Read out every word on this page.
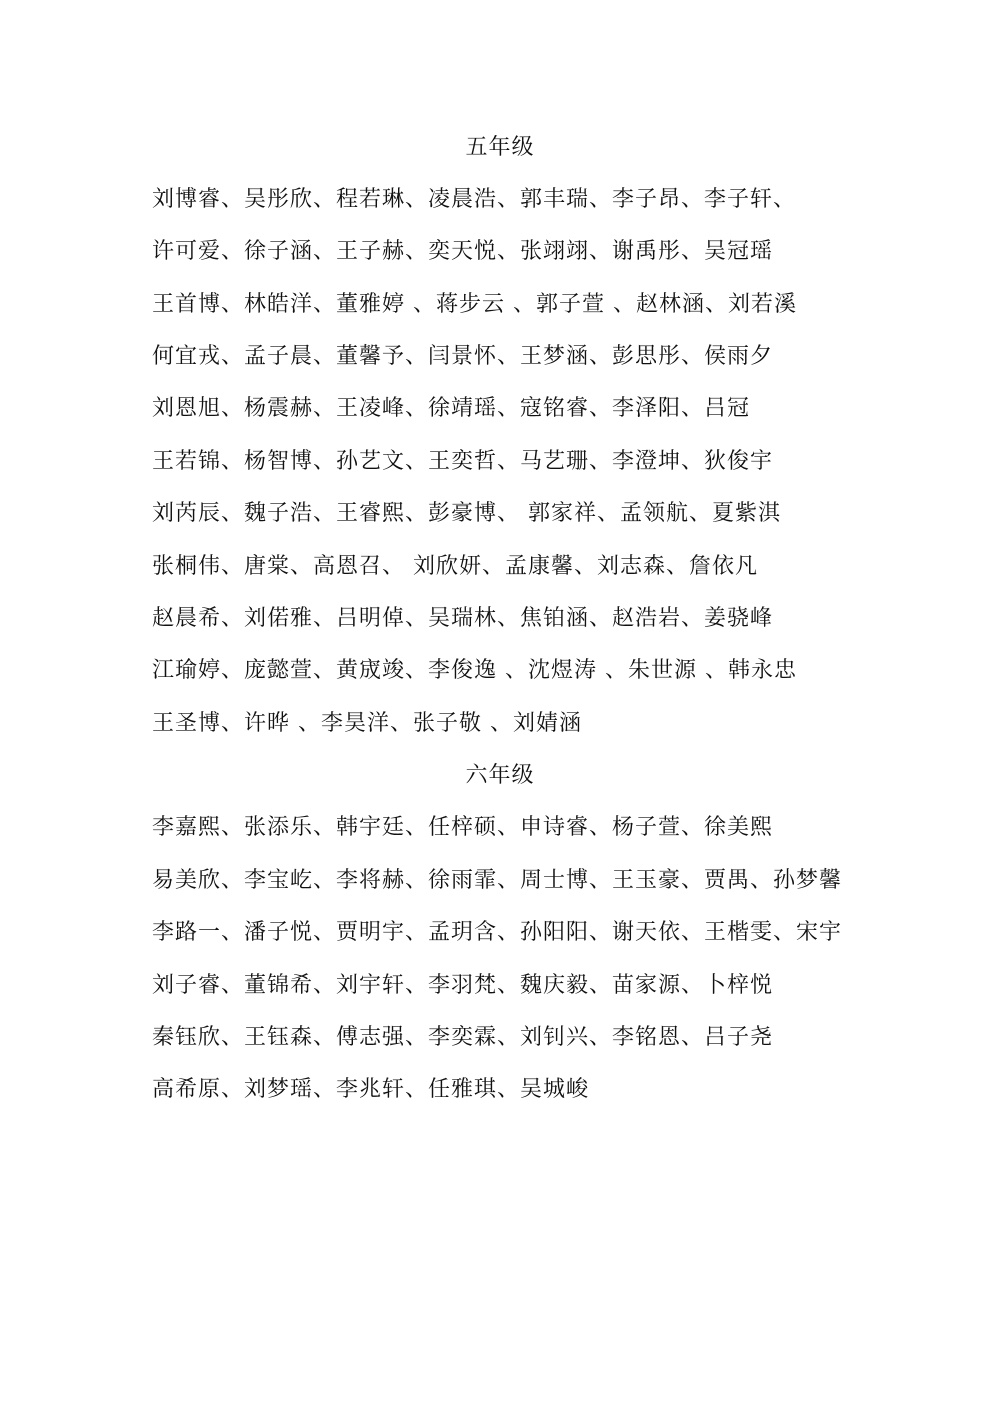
五年级
刘博睿、吴彤欣、程若琳、凌晨浩、郭丰瑞、李子昂、李子轩、
许可爱、徐子涵、王子赫、奕天悦、张翊翊、谢禹彤、吴冠瑶
王首博、林皓洋、董雅婷 、蒋步云 、郭子萱 、赵林涵、刘若溪
何宜戎、孟子晨、董馨予、闫景怀、王梦涵、彭思彤、侯雨夕
刘恩旭、杨震赫、王凌峰、徐靖瑶、寇铭睿、李泽阳、吕冠
王若锦、杨智博、孙艺文、王奕哲、马艺珊、李澄坤、狄俊宇
刘芮辰、魏子浩、王睿熙、彭豪博、 郭家祥、孟领航、夏紫淇
张桐伟、唐棠、高恩召、 刘欣妍、孟康馨、刘志森、詹依凡
赵晨希、刘偌雅、吕明倬、吴瑞林、焦铂涵、赵浩岩、姜骁峰
江瑜婷、庞懿萱、黄宬竣、李俊逸 、沈煜涛 、朱世源 、韩永忠
王圣博、许晔 、李昊洋、张子敬 、刘婧涵
六年级
李嘉熙、张添乐、韩宇廷、任梓硕、申诗睿、杨子萱、徐美熙
易美欣、李宝屹、李将赫、徐雨霏、周士博、王玉豪、贾禺、孙梦馨
李路一、潘子悦、贾明宇、孟玥含、孙阳阳、谢天依、王楷雯、宋宇
刘子睿、董锦希、刘宇轩、李羽梵、魏庆毅、苗家源、卜梓悦
秦钰欣、王钰森、傅志强、李奕霖、刘钊兴、李铭恩、吕子尧
高希原、刘梦瑶、李兆轩、任雅琪、吴城峻
